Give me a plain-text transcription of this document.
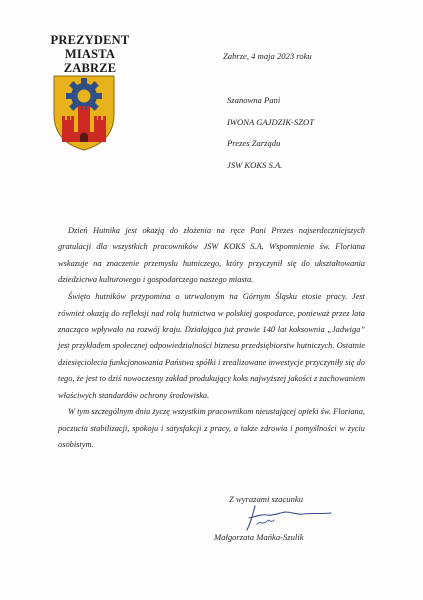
PREZYDENT
MIASTA ZABRZE
Zabrze, 4 maja 2023 roku
Szanowna Pani
IWONA GAJDZIK-SZOT
Prezes Zarządu
JSW KOKS S.A.

Dzień Hutnika jest okazją do złożenia na ręce Pani Prezes najserdeczniejszych gratulacji dla wszystkich pracowników JSW KOKS S.A. Wspomnienie św. Floriana wskazuje na znaczenie przemysłu hutniczego, który przyczynił się do ukształtowania dziedzictwa kulturowego i gospodarczego naszego miasta.

Święto hutników przypomina o utrwalonym na Górnym Śląsku etosie pracy. Jest również okazją do refleksji nad rolą hutnictwa w polskiej gospodarce, ponieważ przez lata znacząco wpływało na rozwój kraju. Działająca już prawie 140 lat koksownia „Jadwiga” jest przykładem społecznej odpowiedzialności biznesu przedsiębiorstw hutniczych. Ostatnie dziesięciolecia funkcjonowania Państwa spółki i zrealizowane inwestycje przyczyniły się do tego, że jest to dziś nowoczesny zakład produkujący koks najwyższej jakości z zachowaniem właściwych standardów ochrony środowiska.

W tym szczególnym dniu życzę wszystkim pracownikom nieustającej opieki św. Floriana, poczucia stabilizacji, spokoju i satysfakcji z pracy, a także zdrowia i pomyślności w życiu osobistym.

Z wyrazami szacunku
Małgorzata Mańka-Szulik
